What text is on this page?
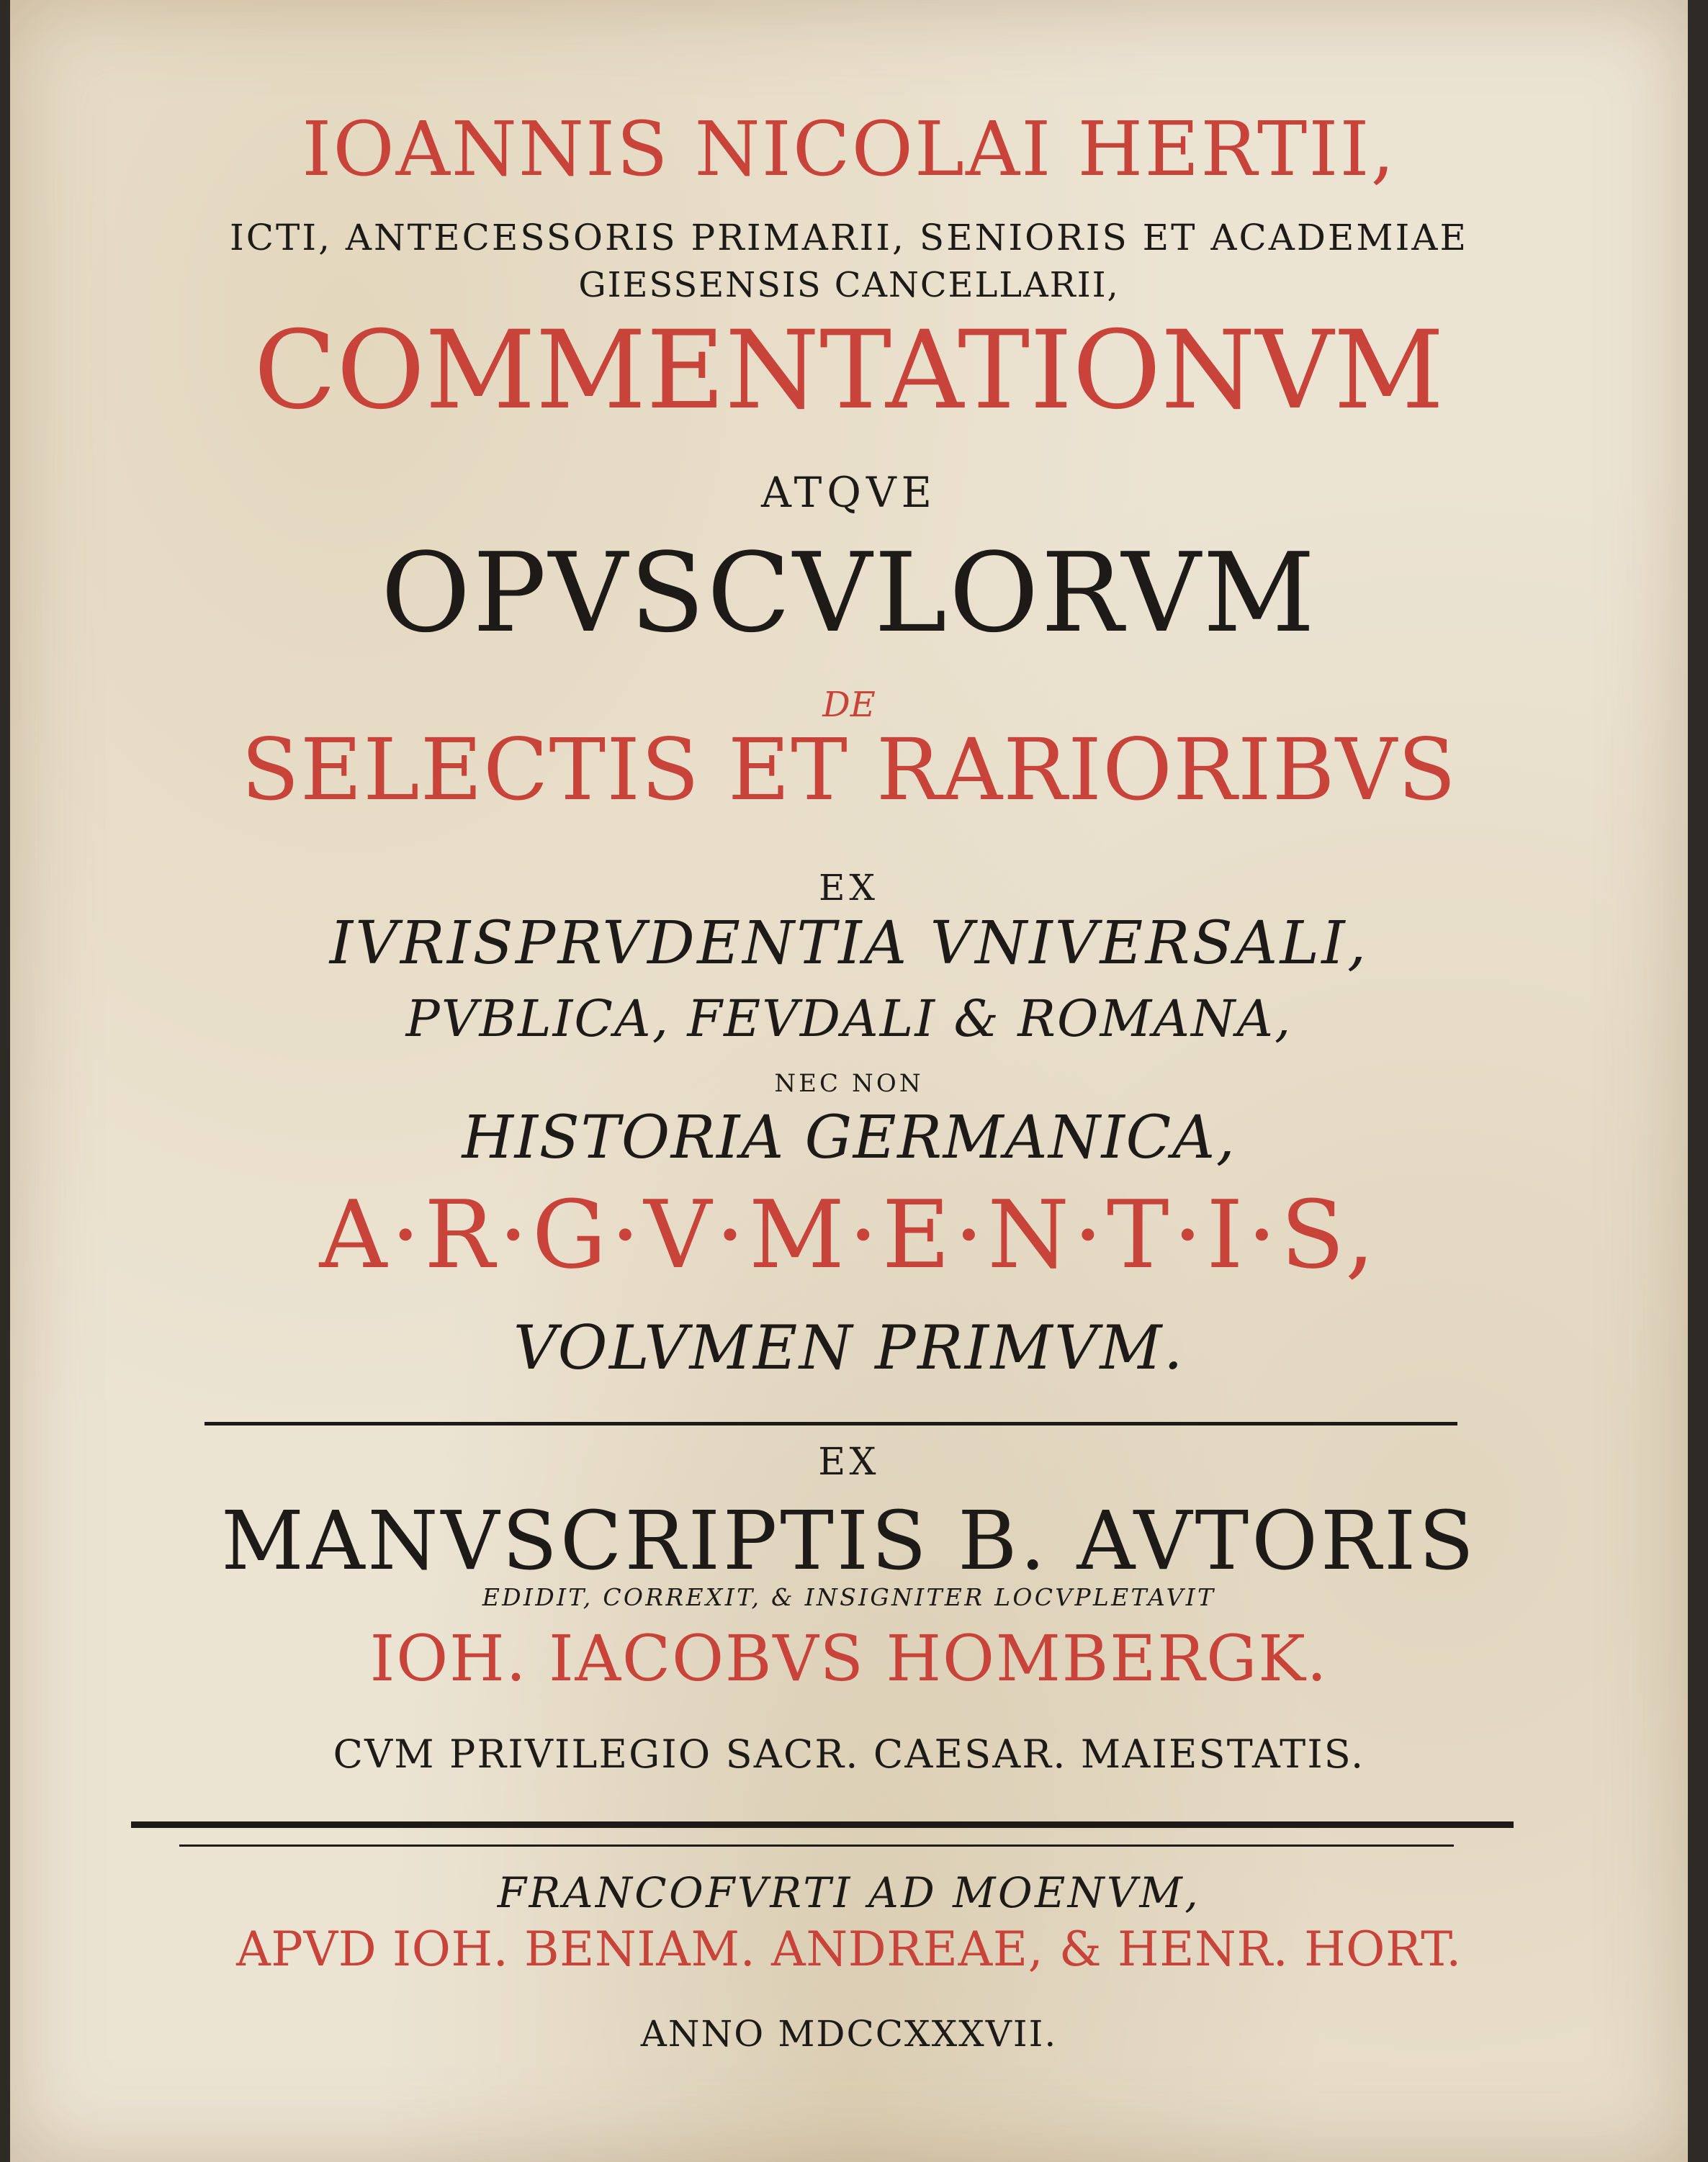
IOANNIS NICOLAI HERTII,
ICTI, ANTECESSORIS PRIMARII, SENIORIS ET ACADEMIAE
GIESSENSIS CANCELLARII,
COMMENTATIONVM
ATQVE
OPVSCVLORVM
DE
SELECTIS ET RARIORIBVS
EX
IVRISPRVDENTIA VNIVERSALI,
PVBLICA, FEVDALI & ROMANA,
NEC NON
HISTORIA GERMANICA,
A·R·G·V·M·E·N·T·I·S,
VOLVMEN PRIMVM.
EX
MANVSCRIPTIS B. AVTORIS
EDIDIT, CORREXIT, & INSIGNITER LOCVPLETAVIT
IOH. IACOBVS HOMBERGK.
CVM PRIVILEGIO SACR. CAESAR. MAIESTATIS.
FRANCOFVRTI AD MOENVM,
APVD IOH. BENIAM. ANDREAE, & HENR. HORT.
ANNO MDCCXXXVII.
